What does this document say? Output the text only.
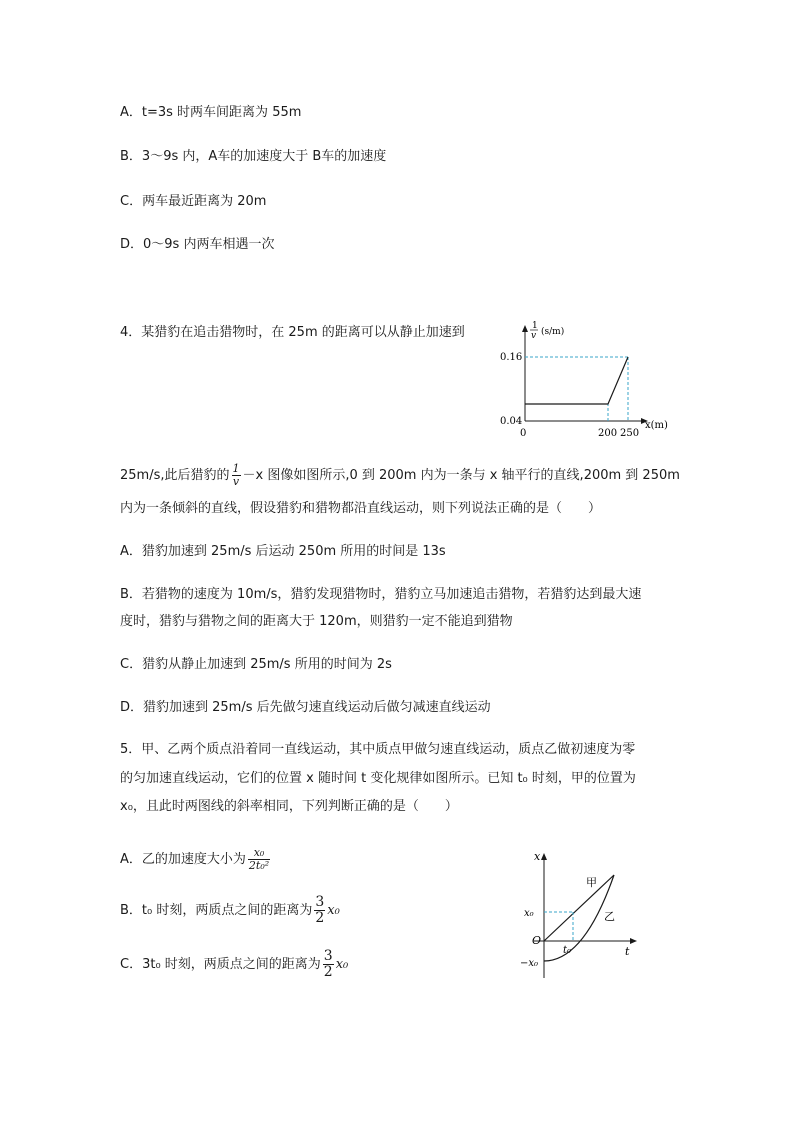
A．t=3s 时两车间距离为 55m
B．3～9s 内，A车的加速度大于 B车的加速度
C．两车最近距离为 20m
D．0～9s 内两车相遇一次
4．某猎豹在追击猎物时，在 25m 的距离可以从静止加速到	1
v (s/m)
0.16
0.04
0	200 250
x(m)
25m/s,此后猎豹的 $\frac{1}{v} -x$ 图像如图所示,0 到 200m 内为一条与 x 轴平行的直线,200m 到 250m
内为一条倾斜的直线，假设猎豹和猎物都沿直线运动，则下列说法正确的是（　　）
A．猎豹加速到 25m/s 后运动 250m 所用的时间是 13s
B．若猎物的速度为 10m/s，猎豹发现猎物时，猎豹立马加速追击猎物，若猎豹达到最大速
度时，猎豹与猎物之间的距离大于 120m，则猎豹一定不能追到猎物
C．猎豹从静止加速到 25m/s 所用的时间为 2s
D．猎豹加速到 25m/s 后先做匀速直线运动后做匀减速直线运动
5．甲、乙两个质点沿着同一直线运动，其中质点甲做匀速直线运动，质点乙做初速度为零
的匀加速直线运动，它们的位置 x 随时间 t 变化规律如图所示。已知 t₀ 时刻，甲的位置为
x₀，且此时两图线的斜率相同，下列判断正确的是（　　）
A．乙的加速度大小为 $\frac{\text{x₀}}{\text{2t₀²}}$
B．t₀ 时刻，两质点之间的距离为 $\frac{3}{2} x_0$
C．3t₀ 时刻，两质点之间的距离为 $\frac{3}{2} x_0$
x
t
O
x₀
−x₀
t₀
甲
乙
